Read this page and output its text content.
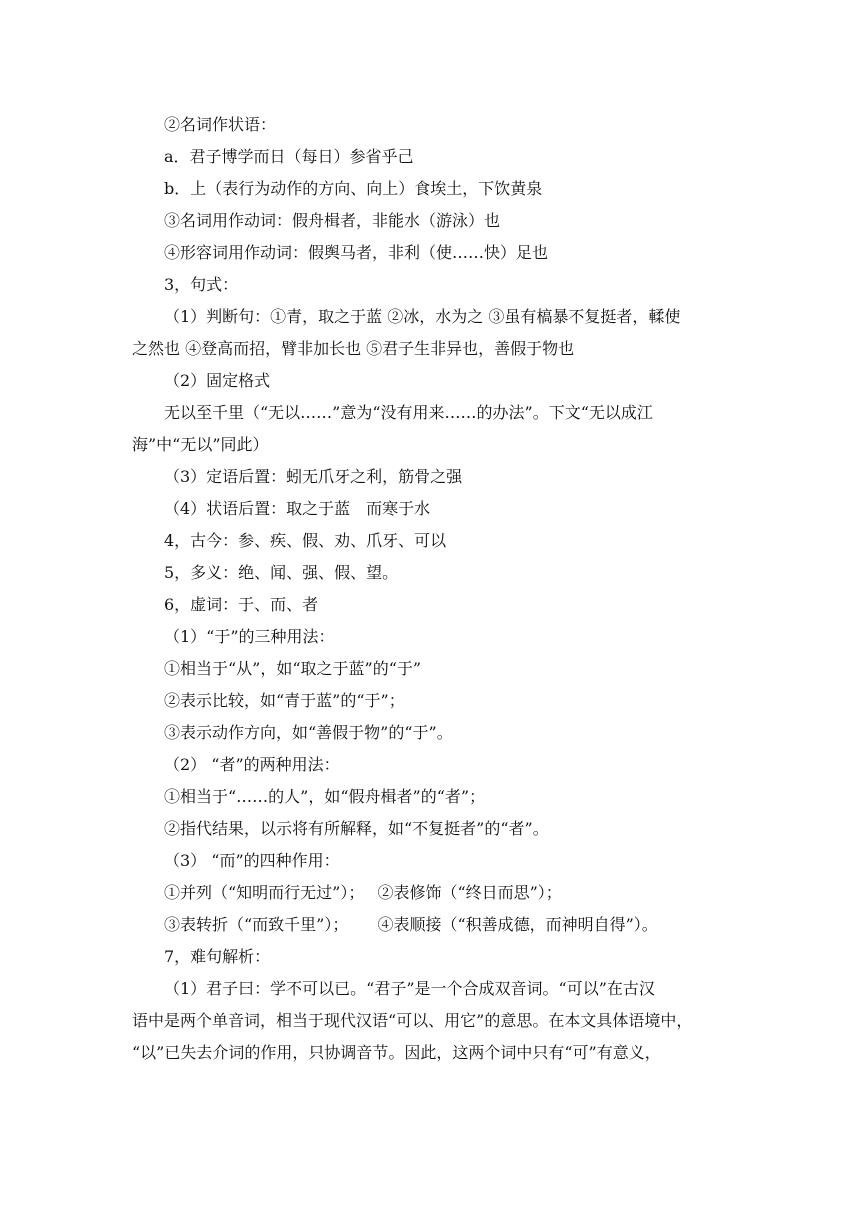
②名词作状语：
a．君子博学而日（每日）参省乎己
b．上（表行为动作的方向、向上）食埃土，下饮黄泉
③名词用作动词：假舟楫者，非能水（游泳）也
④形容词用作动词：假舆马者，非利（使……快）足也
3，句式：
（1）判断句：①青，取之于蓝 ②冰，水为之 ③虽有槁暴不复挺者，輮使
之然也 ④登高而招，臂非加长也 ⑤君子生非异也，善假于物也
（2）固定格式
无以至千里（“无以……”意为“没有用来……的办法”。下文“无以成江
海”中“无以”同此）
（3）定语后置：蚓无爪牙之利，筋骨之强
（4）状语后置：取之于蓝　而寒于水
4，古今：参、疾、假、劝、爪牙、可以
5，多义：绝、闻、强、假、望。
6，虚词：于、而、者
（1）“于”的三种用法：
①相当于“从”，如“取之于蓝”的“于”
②表示比较，如“青于蓝”的“于”；
③表示动作方向，如“善假于物”的“于”。
（2） “者”的两种用法：
①相当于“……的人”，如“假舟楫者”的“者”；
②指代结果，以示将有所解释，如“不复挺者”的“者”。
（3） “而”的四种作用：
①并列（“知明而行无过”）；　 ②表修饰（“终日而思”）；
③表转折（“而致千里”）；　　 ④表顺接（“积善成德，而神明自得”）。
7，难句解析：
（1）君子曰：学不可以已。“君子”是一个合成双音词。“可以”在古汉
语中是两个单音词，相当于现代汉语“可以、用它”的意思。在本文具体语境中，
“以”已失去介词的作用，只协调音节。因此，这两个词中只有“可”有意义，
